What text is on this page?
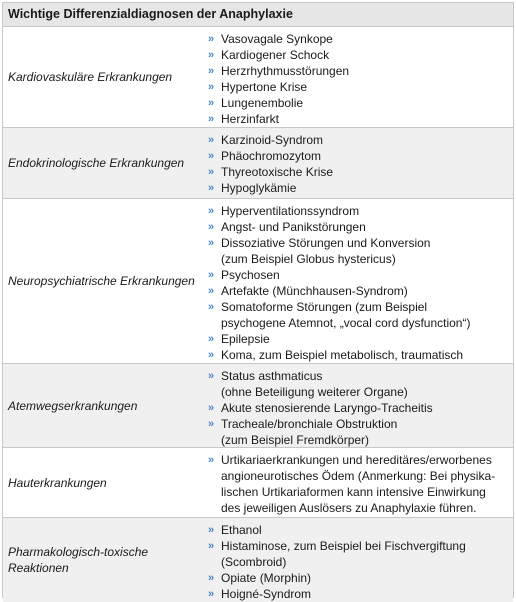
Wichtige Differenzialdiagnosen der Anaphylaxie
Kardiovaskuläre Erkrankungen
» Vasovagale Synkope
» Kardiogener Schock
» Herzrhythmusstörungen
» Hypertone Krise
» Lungenembolie
» Herzinfarkt
Endokrinologische Erkrankungen
» Karzinoid-Syndrom
» Phäochromozytom
» Thyreotoxische Krise
» Hypoglykämie
Neuropsychiatrische Erkrankungen
» Hyperventilationssyndrom
» Angst- und Panikstörungen
» Dissoziative Störungen und Konversion
(zum Beispiel Globus hystericus)
» Psychosen
» Artefakte (Münchhausen-Syndrom)
» Somatoforme Störungen (zum Beispiel
psychogene Atemnot, „vocal cord dysfunction“)
» Epilepsie
» Koma, zum Beispiel metabolisch, traumatisch
Atemwegserkrankungen
» Status asthmaticus
(ohne Beteiligung weiterer Organe)
» Akute stenosierende Laryngo-Tracheitis
» Tracheale/bronchiale Obstruktion
(zum Beispiel Fremdkörper)
Hauterkrankungen
» Urtikariaerkrankungen und hereditäres/erworbenes
angioneurotisches Ödem (Anmerkung: Bei physika-
lischen Urtikariaformen kann intensive Einwirkung
des jeweiligen Auslösers zu Anaphylaxie führen.
Pharmakologisch-toxische
Reaktionen
» Ethanol
» Histaminose, zum Beispiel bei Fischvergiftung
(Scombroid)
» Opiate (Morphin)
» Hoigné-Syndrom
